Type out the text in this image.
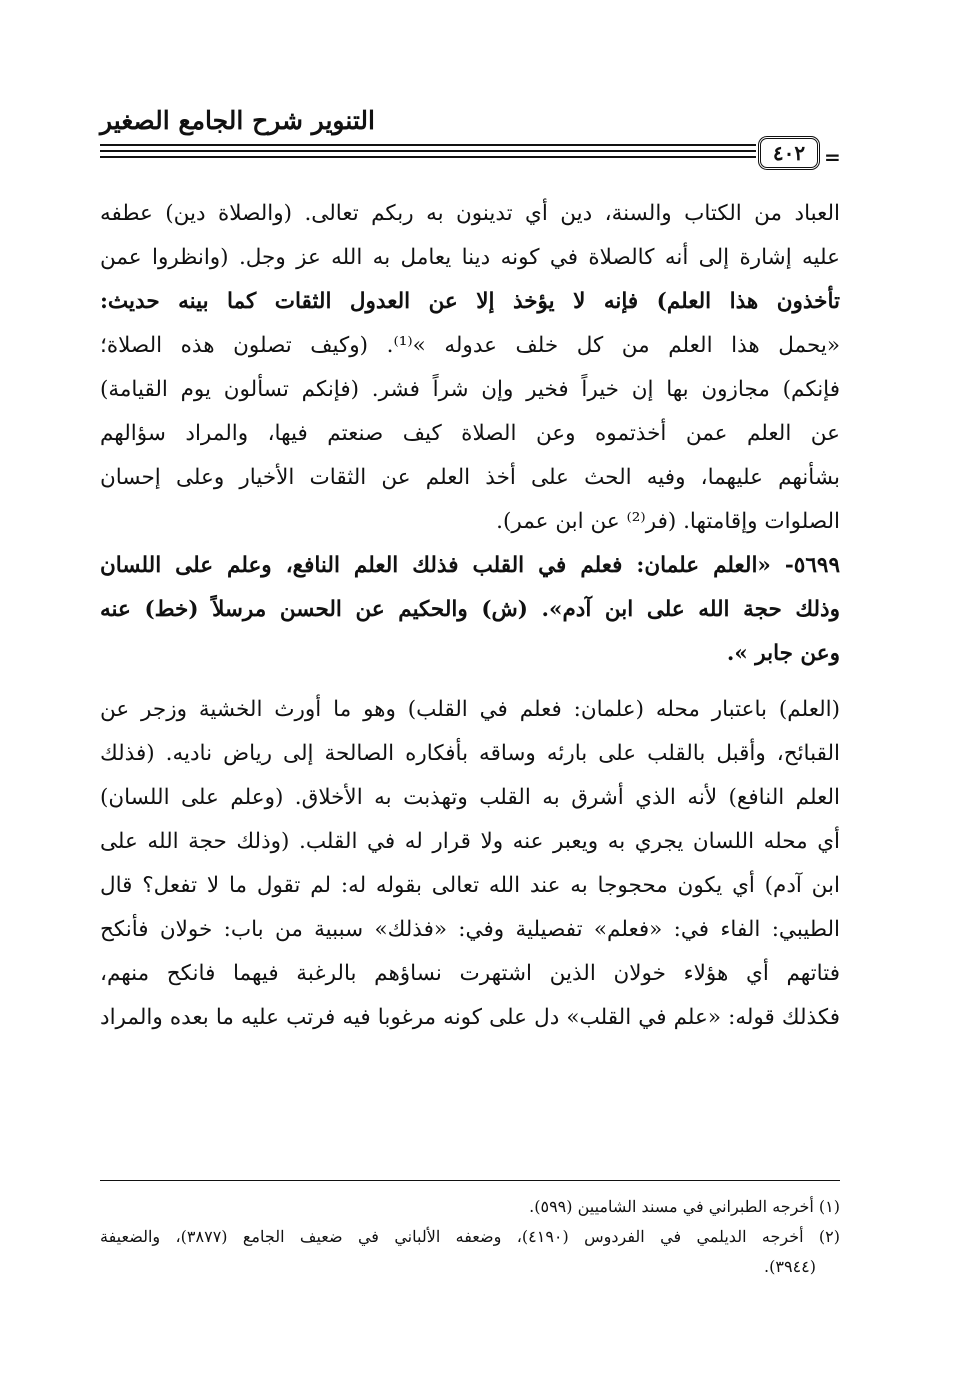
التنوير شرح الجامع الصغير
٤٠٢ =
العباد من الكتاب والسنة، دين أي تدينون به ربكم تعالى. (والصلاة دين) عطفه
عليه إشارة إلى أنه كالصلاة في كونه دينا يعامل به الله عز وجل. (وانظروا عمن
تأخذون هذا العلم) فإنه لا يؤخذ إلا عن العدول الثقات كما بينه حديث:
«يحمل هذا العلم من كل خلف عدوله »⁽¹⁾. (وكيف تصلون هذه الصلاة؛
فإنكم) مجازون بها إن خيراً فخير وإن شراً فشر. (فإنكم تسألون يوم القيامة)
عن العلم عمن أخذتموه وعن الصلاة كيف صنعتم فيها، والمراد سؤالهم
بشأنهم عليهما، وفيه الحث على أخذ العلم عن الثقات الأخيار وعلى إحسان
الصلوات وإقامتها. (فر⁽²⁾ عن ابن عمر).
٥٦٩٩- «العلم علمان: فعلم في القلب فذلك العلم النافع، وعلم على اللسان
وذلك حجة الله على ابن آدم». (ش) والحكيم عن الحسن مرسلاً (خط) عنه
وعن جابر ».
(العلم) باعتبار محله (علمان: فعلم في القلب) وهو ما أورث الخشية وزجر عن
القبائح، وأقبل بالقلب على بارئه وساقه بأفكاره الصالحة إلى رياض ناديه. (فذلك
العلم النافع) لأنه الذي أشرق به القلب وتهذبت به الأخلاق. (وعلم على اللسان)
أي محله اللسان يجري به ويعبر عنه ولا قرار له في القلب. (وذلك حجة الله على
ابن آدم) أي يكون محجوجا به عند الله تعالى بقوله له: لم تقول ما لا تفعل؟ قال
الطيبي: الفاء في: «فعلم» تفصيلية وفي: «فذلك» سببية من باب: خولان فأنكح
فتاتهم أي هؤلاء خولان الذين اشتهرت نساؤهم بالرغبة فيهما فانكح منهم،
فكذلك قوله: «علم في القلب» دل على كونه مرغوبا فيه فرتب عليه ما بعده والمراد
(١) أخرجه الطبراني في مسند الشاميين (٥٩٩).
(٢) أخرجه الديلمي في الفردوس (٤١٩٠)، وضعفه الألباني في ضعيف الجامع (٣٨٧٧)، والضعيفة
(٣٩٤٤).
